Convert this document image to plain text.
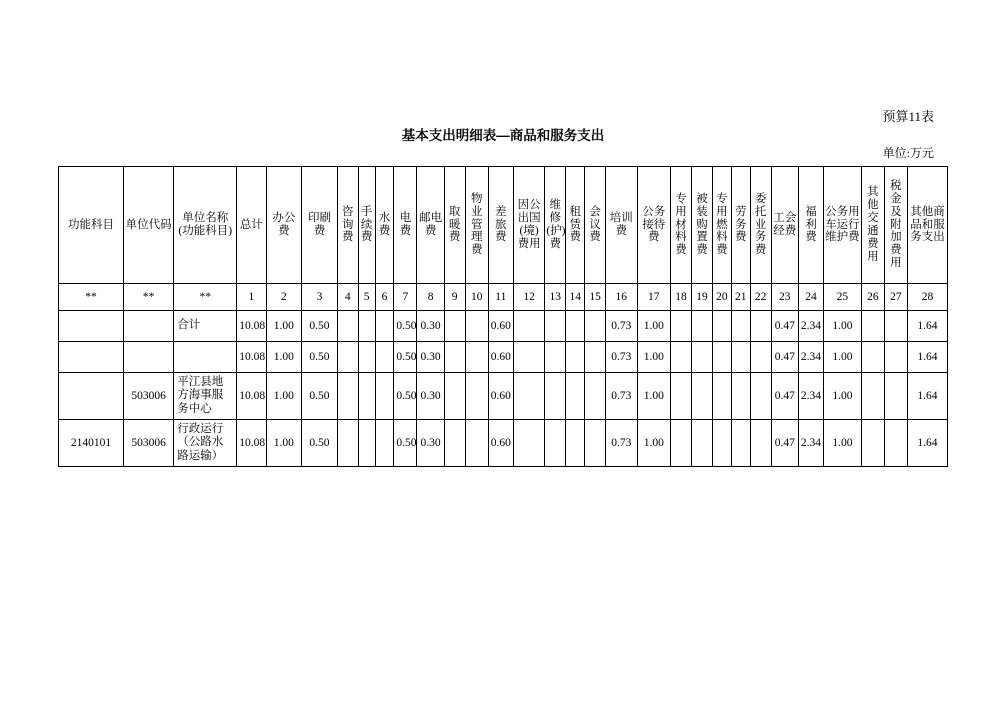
预算11表
基本支出明细表—商品和服务支出
单位:万元
功能科目	单位代码	单位名称(功能科目)	总计	办公费	印刷费	咨询费	手续费	水费	电费	邮电费	取暖费	物业管理费	差旅费	因公出国(境)费用	维修(护)费	租赁费	会议费	培训费	公务接待费	专用材料费	被装购置费	专用燃料费	劳务费	委托业务费	工会经费	福利费	公务用车运行维护费	其他交通费用	税金及附加费用	其他商品和服务支出

**	**	**	1	2	3	4	5	6	7	8	9	10	11	12	13	14	15	16	17	18	19	20	21	22	23	24	25	26	27	28
		合计	10.08	1.00	0.50				0.50	0.30			0.60					0.73	1.00						0.47	2.34	1.00			1.64
			10.08	1.00	0.50				0.50	0.30			0.60					0.73	1.00						0.47	2.34	1.00			1.64
	503006	平江县地方海事服务中心	10.08	1.00	0.50				0.50	0.30			0.60					0.73	1.00						0.47	2.34	1.00			1.64
2140101	503006	行政运行（公路水路运输）	10.08	1.00	0.50				0.50	0.30			0.60					0.73	1.00						0.47	2.34	1.00			1.64
